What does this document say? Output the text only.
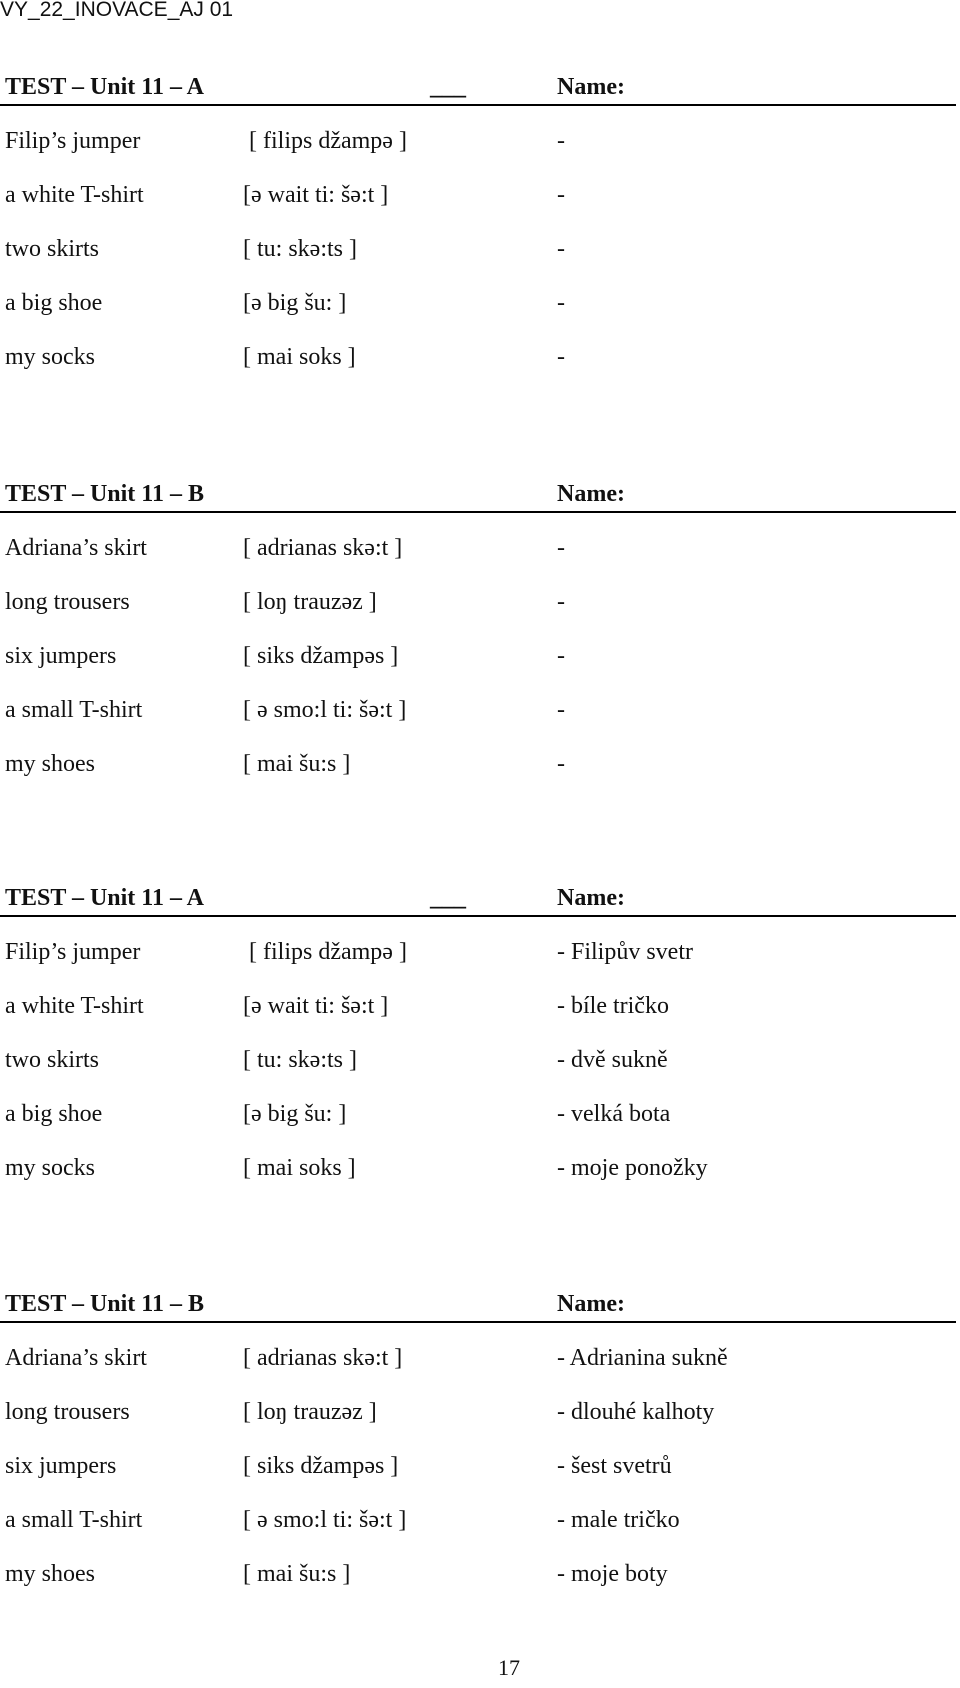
VY_22_INOVACE_AJ 01
TEST – Unit 11 – A	___	Name:
Filip’s jumper	[ filips džampə ]	-
a white T-shirt	[ə wait ti: šə:t ]	-
two skirts	[ tu: skə:ts ]	-
a big shoe	[ə big šu: ]	-
my socks	[ mai soks ]	-
TEST – Unit 11 – B	Name:
Adriana’s skirt	[ adrianas skə:t ]	-
long trousers	[ loŋ trauzəz ]	-
six jumpers	[ siks džampəs ]	-
a small T-shirt	[ ə smo:l ti: šə:t ]	-
my shoes	[ mai šu:s ]	-
TEST – Unit 11 – A	___	Name:
Filip’s jumper	[ filips džampə ]	- Filipův svetr
a white T-shirt	[ə wait ti: šə:t ]	- bíle tričko
two skirts	[ tu: skə:ts ]	- dvě sukně
a big shoe	[ə big šu: ]	- velká bota
my socks	[ mai soks ]	- moje ponožky
TEST – Unit 11 – B	Name:
Adriana’s skirt	[ adrianas skə:t ]	- Adrianina sukně
long trousers	[ loŋ trauzəz ]	- dlouhé kalhoty
six jumpers	[ siks džampəs ]	- šest svetrů
a small T-shirt	[ ə smo:l ti: šə:t ]	- male tričko
my shoes	[ mai šu:s ]	- moje boty
17
